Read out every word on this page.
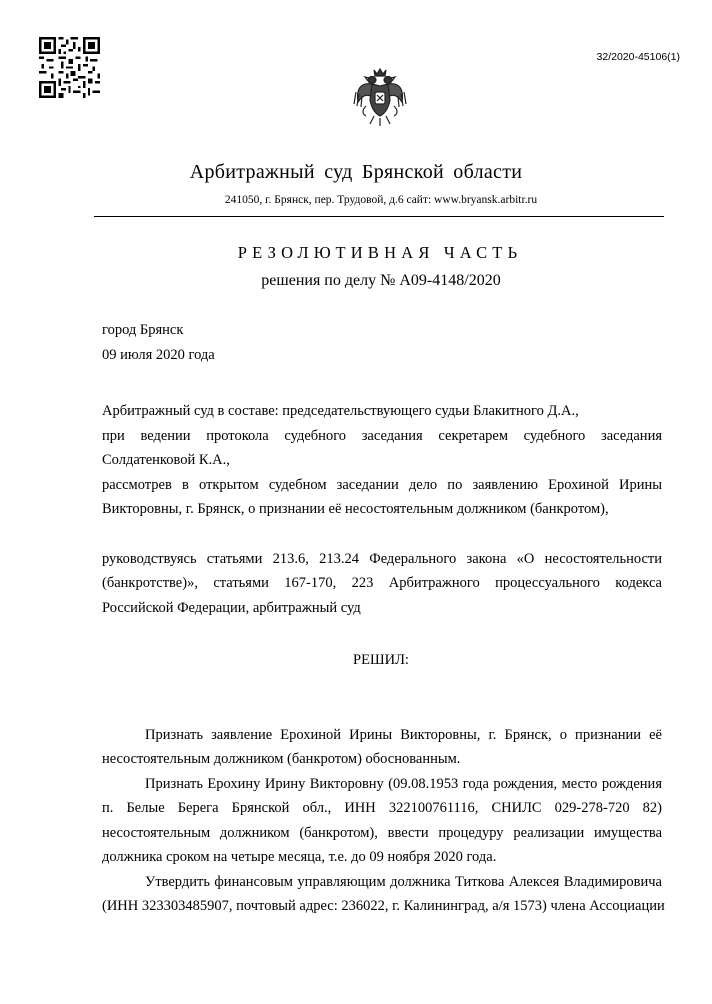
32/2020-45106(1)
Арбитражный суд Брянской области
241050, г. Брянск, пер. Трудовой, д.6 сайт: www.bryansk.arbitr.ru
РЕЗОЛЮТИВНАЯ ЧАСТЬ
решения по делу № А09-4148/2020
город Брянск
09 июля 2020 года
Арбитражный суд в составе: председательствующего судьи Блакитного Д.А.,
при ведении протокола судебного заседания секретарем судебного заседания
Солдатенковой К.А.,
рассмотрев в открытом судебном заседании дело по заявлению Ерохиной Ирины
Викторовны, г. Брянск, о признании её несостоятельным должником (банкротом),
руководствуясь статьями 213.6, 213.24 Федерального закона «О несостоятельности
(банкротстве)», статьями 167-170, 223 Арбитражного процессуального кодекса
Российской Федерации, арбитражный суд
РЕШИЛ:
Признать заявление Ерохиной Ирины Викторовны, г. Брянск, о признании её
несостоятельным должником (банкротом) обоснованным.
Признать Ерохину Ирину Викторовну (09.08.1953 года рождения, место рождения
п. Белые Берега Брянской обл., ИНН 322100761116, СНИЛС 029-278-720 82)
несостоятельным должником (банкротом), ввести процедуру реализации имущества
должника сроком на четыре месяца, т.е. до 09 ноября 2020 года.
Утвердить финансовым управляющим должника Титкова Алексея Владимировича
(ИНН 323303485907, почтовый адрес: 236022, г. Калининград, а/я 1573) члена Ассоциации
